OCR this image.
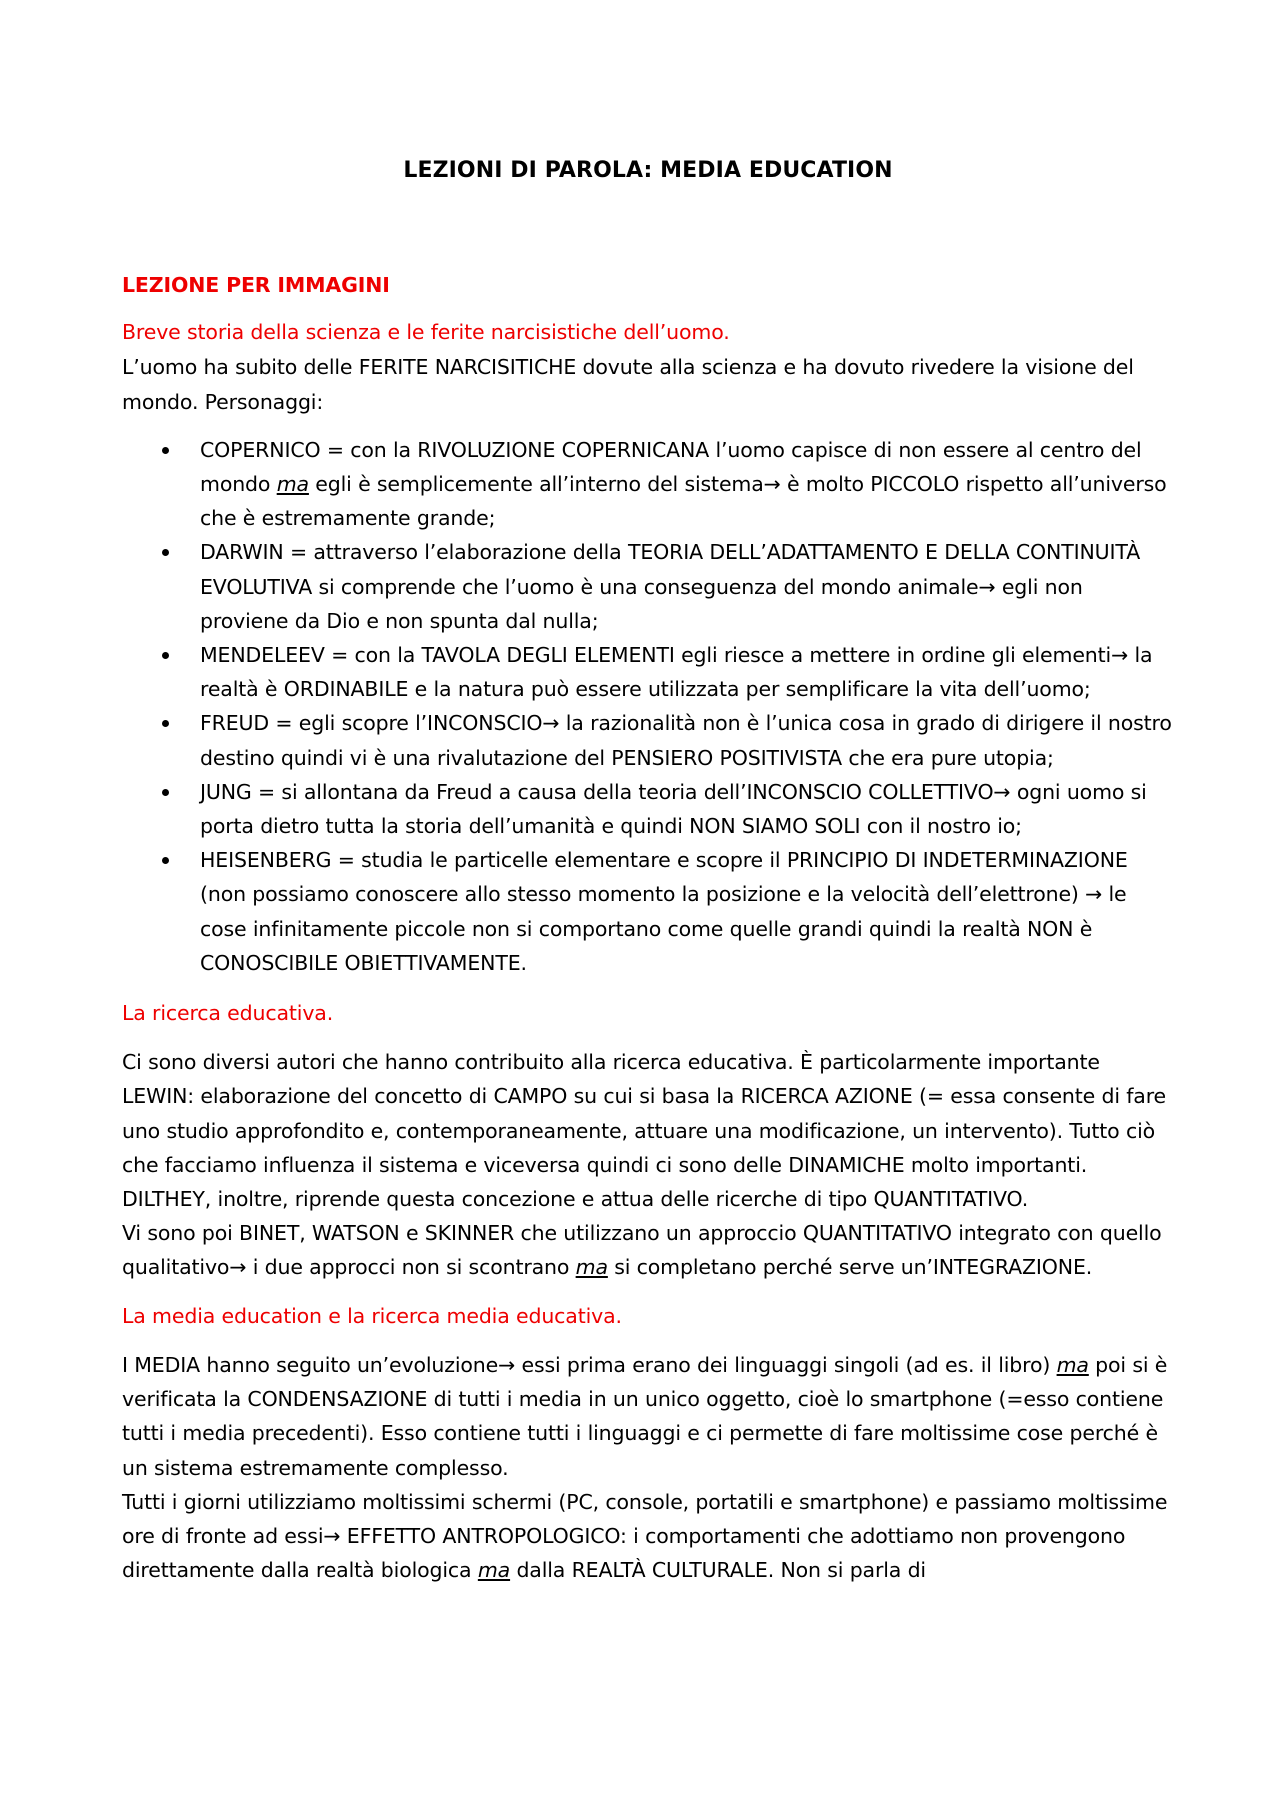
LEZIONI DI PAROLA: MEDIA EDUCATION

LEZIONE PER IMMAGINI

Breve storia della scienza e le ferite narcisistiche dell’uomo.

L’uomo ha subito delle FERITE NARCISITICHE dovute alla scienza e ha dovuto rivedere la visione del mondo. Personaggi:

COPERNICO = con la RIVOLUZIONE COPERNICANA l’uomo capisce di non essere al centro del mondo ma egli è semplicemente all’interno del sistema→ è molto PICCOLO rispetto all’universo che è estremamente grande;
DARWIN = attraverso l’elaborazione della TEORIA DELL’ADATTAMENTO E DELLA CONTINUITÀ EVOLUTIVA si comprende che l’uomo è una conseguenza del mondo animale→ egli non proviene da Dio e non spunta dal nulla;
MENDELEEV = con la TAVOLA DEGLI ELEMENTI egli riesce a mettere in ordine gli elementi→ la realtà è ORDINABILE e la natura può essere utilizzata per semplificare la vita dell’uomo;
FREUD = egli scopre l’INCONSCIO→ la razionalità non è l’unica cosa in grado di dirigere il nostro destino quindi vi è una rivalutazione del PENSIERO POSITIVISTA che era pure utopia;
JUNG = si allontana da Freud a causa della teoria dell’INCONSCIO COLLETTIVO→ ogni uomo si porta dietro tutta la storia dell’umanità e quindi NON SIAMO SOLI con il nostro io;
HEISENBERG = studia le particelle elementare e scopre il PRINCIPIO DI INDETERMINAZIONE (non possiamo conoscere allo stesso momento la posizione e la velocità dell’elettrone) → le cose infinitamente piccole non si comportano come quelle grandi quindi la realtà NON è CONOSCIBILE OBIETTIVAMENTE.

La ricerca educativa.

Ci sono diversi autori che hanno contribuito alla ricerca educativa. È particolarmente importante LEWIN: elaborazione del concetto di CAMPO su cui si basa la RICERCA AZIONE (= essa consente di fare uno studio approfondito e, contemporaneamente, attuare una modificazione, un intervento). Tutto ciò che facciamo influenza il sistema e viceversa quindi ci sono delle DINAMICHE molto importanti. DILTHEY, inoltre, riprende questa concezione e attua delle ricerche di tipo QUANTITATIVO.

Vi sono poi BINET, WATSON e SKINNER che utilizzano un approccio QUANTITATIVO integrato con quello qualitativo→ i due approcci non si scontrano ma si completano perché serve un’INTEGRAZIONE.

La media education e la ricerca media educativa.

I MEDIA hanno seguito un’evoluzione→ essi prima erano dei linguaggi singoli (ad es. il libro) ma poi si è verificata la CONDENSAZIONE di tutti i media in un unico oggetto, cioè lo smartphone (=esso contiene tutti i media precedenti). Esso contiene tutti i linguaggi e ci permette di fare moltissime cose perché è un sistema estremamente complesso.

Tutti i giorni utilizziamo moltissimi schermi (PC, console, portatili e smartphone) e passiamo moltissime ore di fronte ad essi→ EFFETTO ANTROPOLOGICO: i comportamenti che adottiamo non provengono direttamente dalla realtà biologica ma dalla REALTÀ CULTURALE. Non si parla di
